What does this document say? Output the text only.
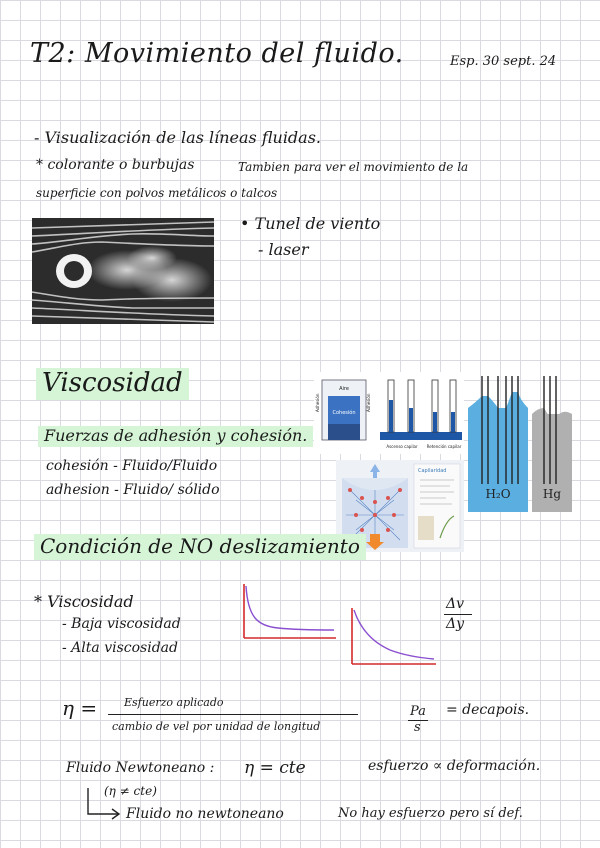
T2: Movimiento del fluido.	Esp. 30 sept. 24
- Visualización de las líneas fluidas.
* colorante o burbujas	Tambien para ver el movimiento de la
superficie con polvos metálicos o talcos
• Tunel de viento
- laser
Viscosidad
Fuerzas de adhesión y cohesión.
cohesión - Fluido/Fluido
adhesion - Fluido/ sólido
Aire
Cohesión
Adhesión	Adhesión
Ascenso capilar Retención capilar
H₂O	Hg
Capilaridad
Condición de NO deslizamiento
* Viscosidad
- Baja viscosidad
- Alta viscosidad
Δv
Δy
η = Esfuerzo aplicado
cambio de vel por unidad de longitud
Pa
s
= decapois.
Fluido Newtoneano : η = cte	esfuerzo ∝ deformación.
(η ≠ cte)
Fluido no newtoneano	No hay esfuerzo pero sí def.
